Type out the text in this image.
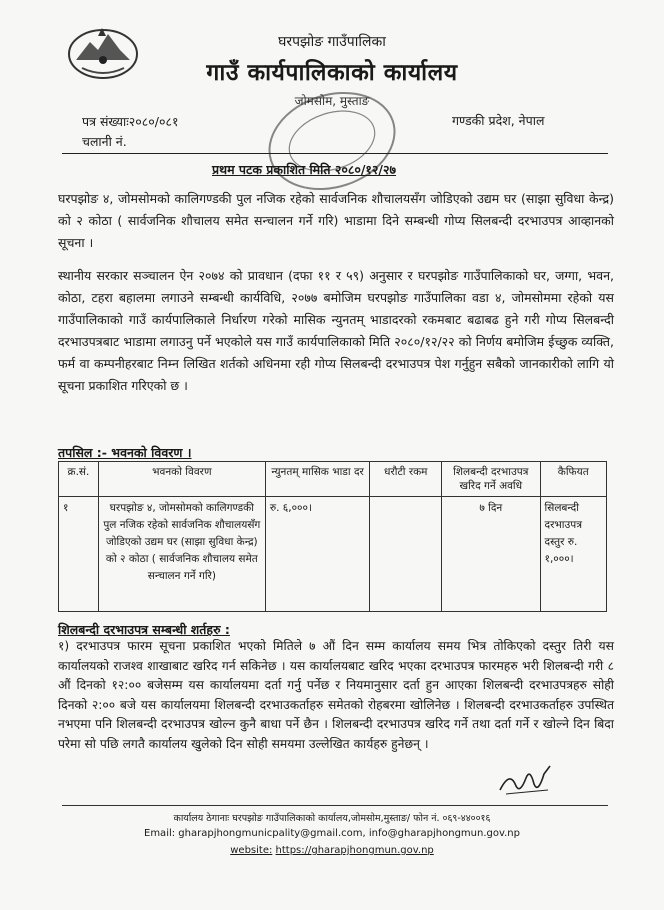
घरपझोङ गाउँपालिका
गाउँ कार्यपालिकाको कार्यालय
जोमसोम, मुस्ताङ
पत्र संख्याः२०८०/०८१
चलानी नं.
गण्डकी प्रदेश, नेपाल
प्रथम पटक प्रकाशित मिति २०८०/१२/२७
घरपझोङ ४, जोमसोमको कालिगण्डकी पुल नजिक रहेको सार्वजनिक शौचालयसँग जोडिएको उद्यम घर (साझा सुविधा केन्द्र) को २ कोठा ( सार्वजनिक शौचालय समेत सन्चालन गर्ने गरि) भाडामा दिने सम्बन्धी गोप्य सिलबन्दी दरभाउपत्र आव्हानको सूचना ।
स्थानीय सरकार सञ्चालन ऐन २०७४ को प्रावधान (दफा ११ र ५९) अनुसार र घरपझोङ गाउँपालिकाको घर, जग्गा, भवन, कोठा, टहरा बहालमा लगाउने सम्बन्धी कार्यविधि, २०७७ बमोजिम घरपझोङ गाउँपालिका वडा ४, जोमसोममा रहेको यस गाउँपालिकाको गाउँ कार्यपालिकाले निर्धारण गरेको मासिक न्युनतम् भाडादरको रकमबाट बढाबढ हुने गरी गोप्य सिलबन्दी दरभाउपत्रबाट भाडामा लगाउनु पर्ने भएकोले यस गाउँ कार्यपालिकाको मिति २०८०/१२/२२ को निर्णय बमोजिम ईच्छुक व्यक्ति, फर्म वा कम्पनीहरबाट निम्न लिखित शर्तको अधिनमा रही गोप्य सिलबन्दी दरभाउपत्र पेश गर्नुहुन सबैको जानकारीको लागि यो सूचना प्रकाशित गरिएको छ ।
तपसिल :- भवनको विवरण ।
क्र.सं.	भवनको विवरण	न्युनतम् मासिक भाडा दर	धरौटी रकम	शिलबन्दी दरभाउपत्र खरिद गर्ने अवधि	कैफियत
१	घरपझोङ ४, जोमसोमको कालिगण्डकी पुल नजिक रहेको सार्वजनिक शौचालयसँग जोडिएको उद्यम घर (साझा सुविधा केन्द्र) को २ कोठा ( सार्वजनिक शौचालय समेत सन्चालन गर्ने गरि)	रु. ६,०००।		७ दिन	सिलबन्दी दरभाउपत्र दस्तुर रु. १,०००।
शिलबन्दी दरभाउपत्र सम्बन्धी शर्तहरु :
१) दरभाउपत्र फारम सूचना प्रकाशित भएको मितिले ७ औं दिन सम्म कार्यालय समय भित्र तोकिएको दस्तुर तिरी यस कार्यालयको राजश्व शाखाबाट खरिद गर्न सकिनेछ । यस कार्यालयबाट खरिद भएका दरभाउपत्र फारमहरु भरी शिलबन्दी गरी ८ औं दिनको १२:०० बजेसम्म यस कार्यालयमा दर्ता गर्नु पर्नेछ र नियमानुसार दर्ता हुन आएका शिलबन्दी दरभाउपत्रहरु सोही दिनको २:०० बजे यस कार्यालयमा शिलबन्दी दरभाउकर्ताहरु समेतको रोहबरमा खोलिनेछ । शिलबन्दी दरभाउकर्ताहरु उपस्थित नभएमा पनि शिलबन्दी दरभाउपत्र खोल्न कुनै बाधा पर्ने छैन । शिलबन्दी दरभाउपत्र खरिद गर्ने तथा दर्ता गर्ने र खोल्ने दिन बिदा परेमा सो पछि लगतै कार्यालय खुलेको दिन सोही समयमा उल्लेखित कार्यहरु हुनेछन् ।
कार्यालय ठेगानाः घरपझोङ गाउँपालिकाको कार्यालय,जोमसोम,मुस्ताङ/ फोन नं. ०६९-४४००१६
Email: gharapjhongmunicpality@gmail.com, info@gharapjhongmun.gov.np
website: https://gharapjhongmun.gov.np
